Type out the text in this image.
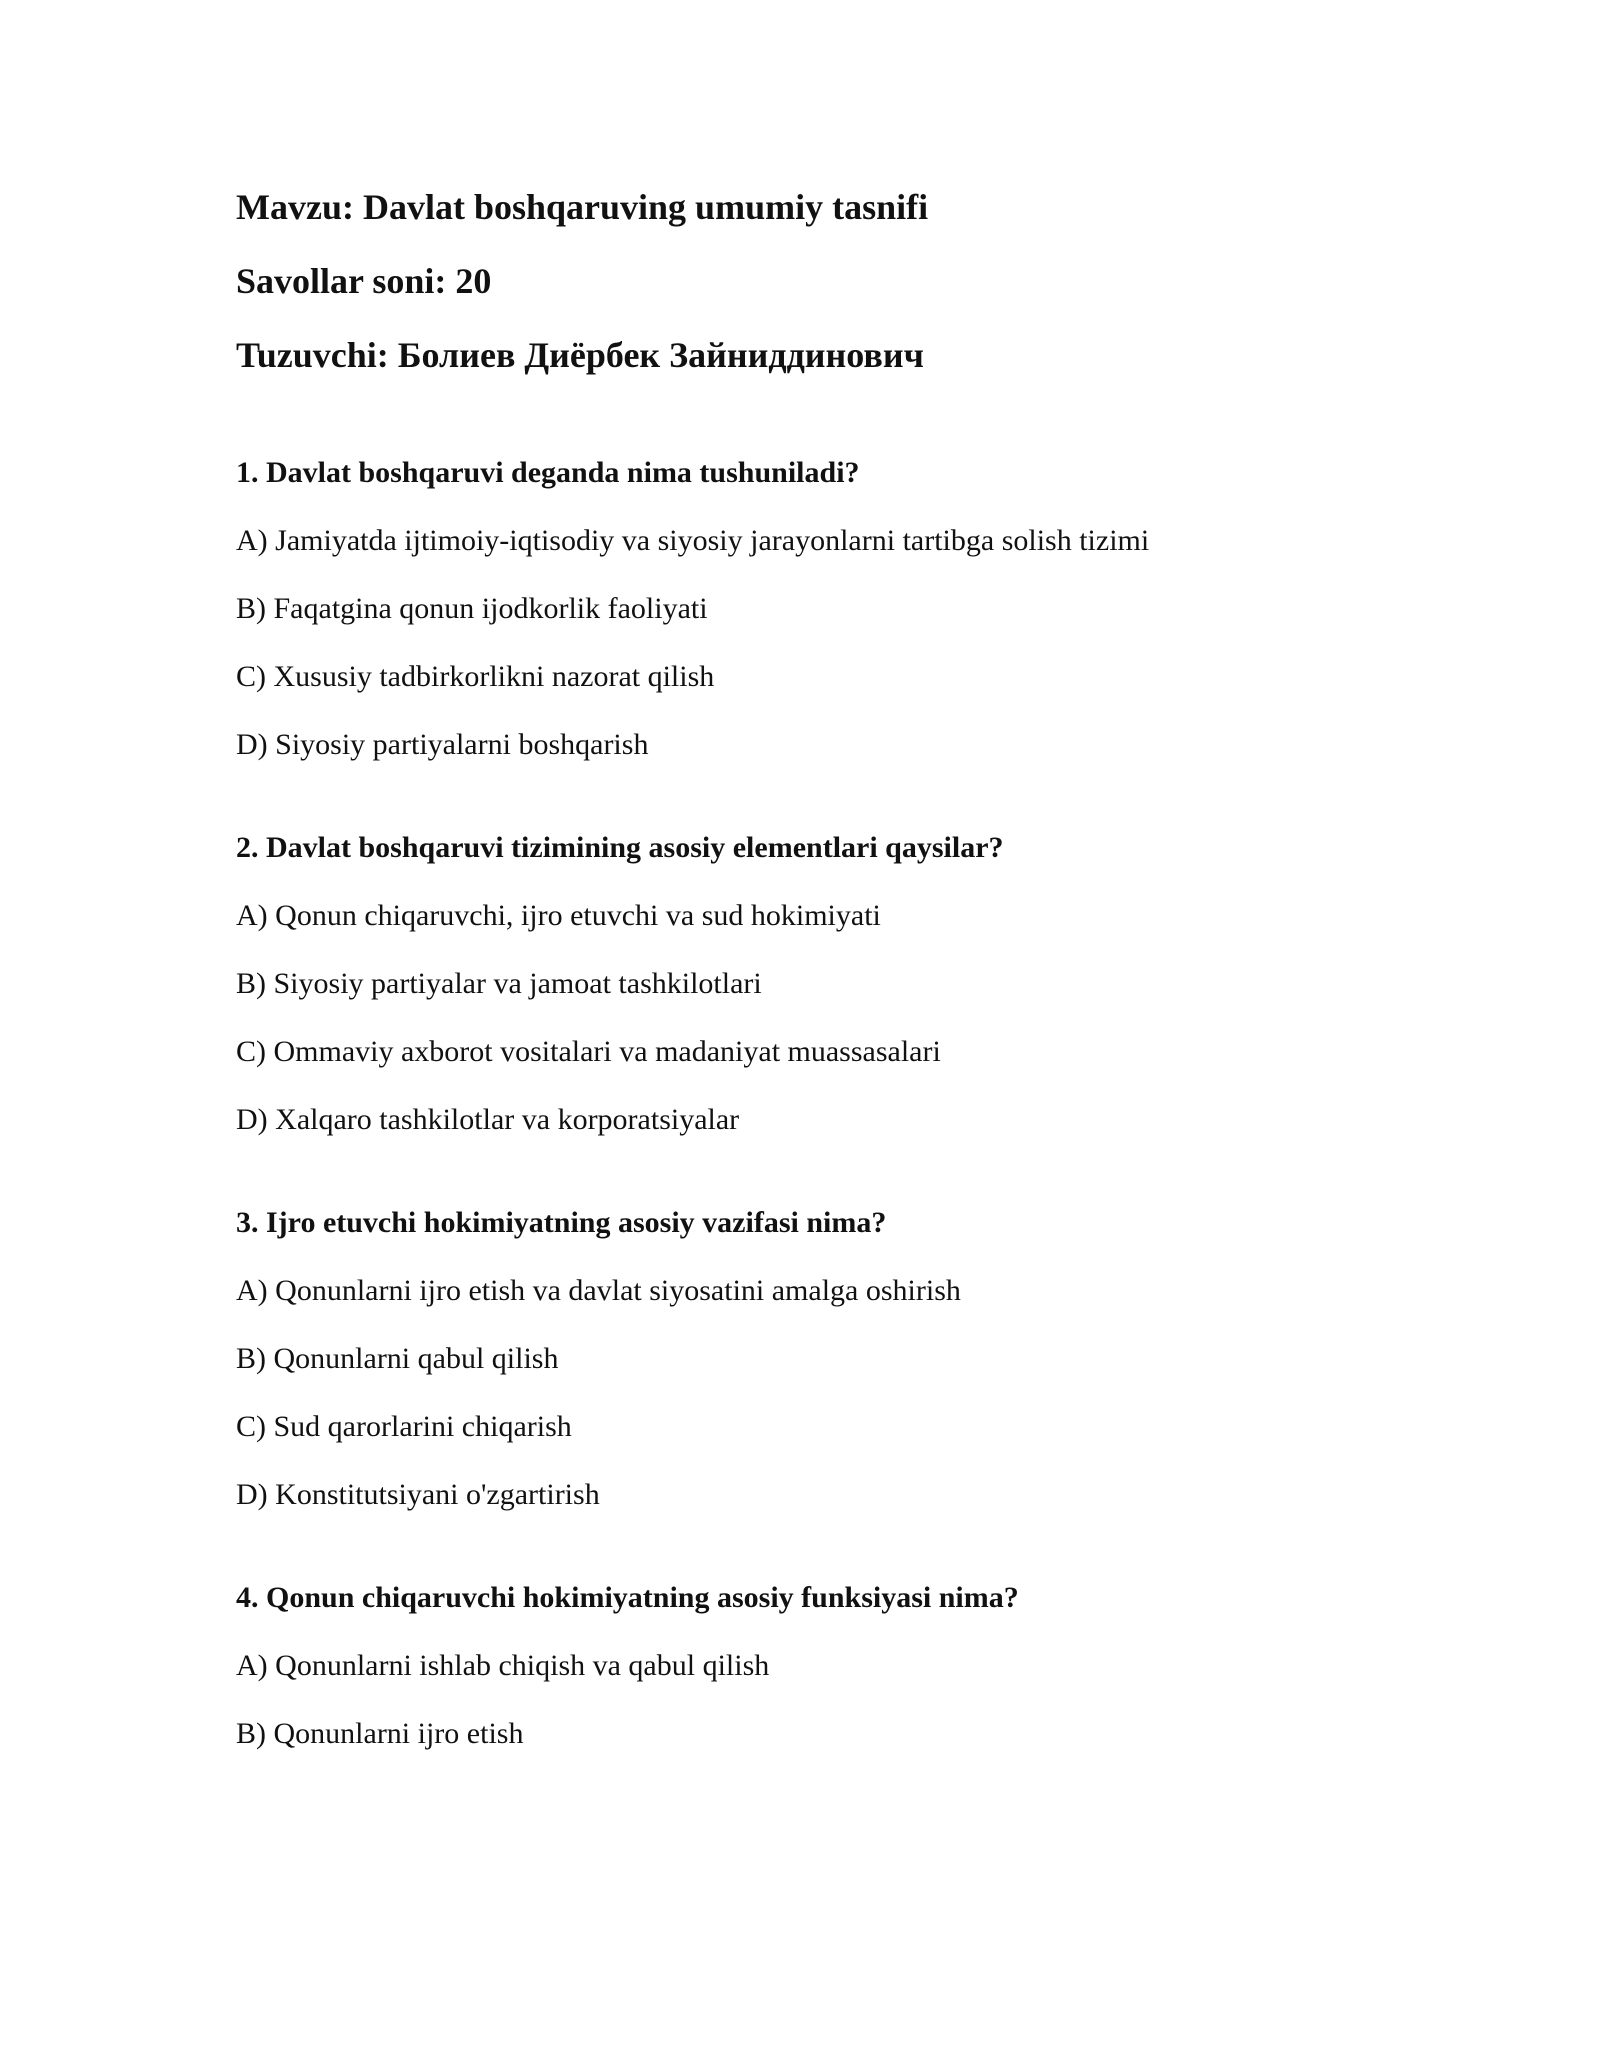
Mavzu: Davlat boshqaruving umumiy tasnifi
Savollar soni: 20
Tuzuvchi: Болиев Диёрбек Зайниддинович
1. Davlat boshqaruvi deganda nima tushuniladi?
A) Jamiyatda ijtimoiy-iqtisodiy va siyosiy jarayonlarni tartibga solish tizimi
B) Faqatgina qonun ijodkorlik faoliyati
C) Xususiy tadbirkorlikni nazorat qilish
D) Siyosiy partiyalarni boshqarish
2. Davlat boshqaruvi tizimining asosiy elementlari qaysilar?
A) Qonun chiqaruvchi, ijro etuvchi va sud hokimiyati
B) Siyosiy partiyalar va jamoat tashkilotlari
C) Ommaviy axborot vositalari va madaniyat muassasalari
D) Xalqaro tashkilotlar va korporatsiyalar
3. Ijro etuvchi hokimiyatning asosiy vazifasi nima?
A) Qonunlarni ijro etish va davlat siyosatini amalga oshirish
B) Qonunlarni qabul qilish
C) Sud qarorlarini chiqarish
D) Konstitutsiyani o'zgartirish
4. Qonun chiqaruvchi hokimiyatning asosiy funksiyasi nima?
A) Qonunlarni ishlab chiqish va qabul qilish
B) Qonunlarni ijro etish
